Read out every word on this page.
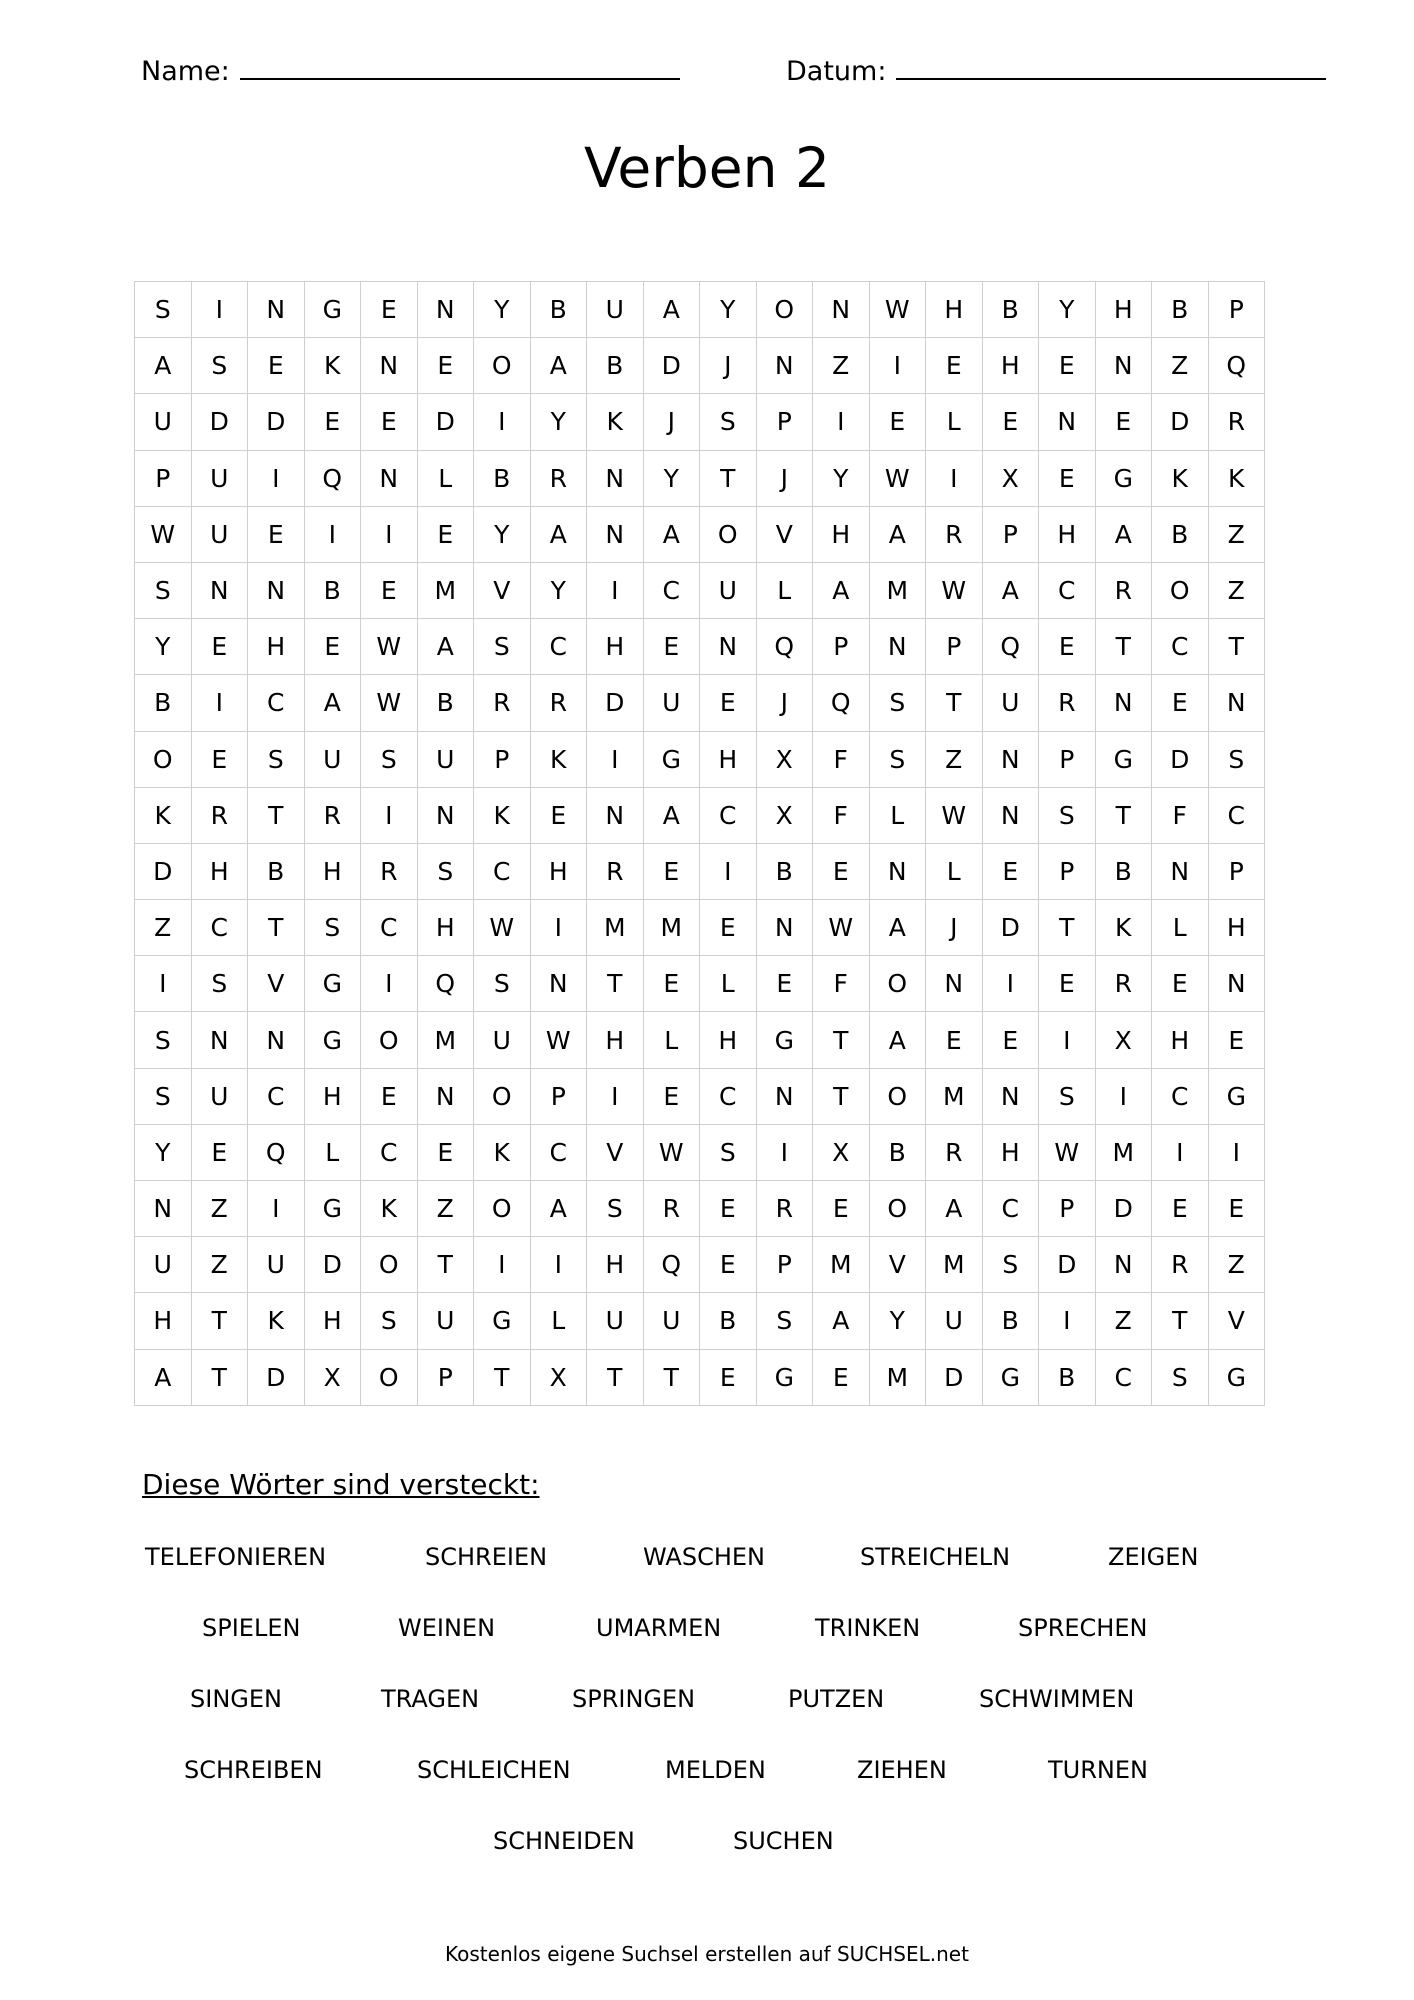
Name:	Datum:
Verben 2
S	I	N	G	E	N	Y	B	U	A	Y	O	N	W	H	B	Y	H	B	P
A	S	E	K	N	E	O	A	B	D	J	N	Z	I	E	H	E	N	Z	Q
U	D	D	E	E	D	I	Y	K	J	S	P	I	E	L	E	N	E	D	R
P	U	I	Q	N	L	B	R	N	Y	T	J	Y	W	I	X	E	G	K	K
W	U	E	I	I	E	Y	A	N	A	O	V	H	A	R	P	H	A	B	Z
S	N	N	B	E	M	V	Y	I	C	U	L	A	M	W	A	C	R	O	Z
Y	E	H	E	W	A	S	C	H	E	N	Q	P	N	P	Q	E	T	C	T
B	I	C	A	W	B	R	R	D	U	E	J	Q	S	T	U	R	N	E	N
O	E	S	U	S	U	P	K	I	G	H	X	F	S	Z	N	P	G	D	S
K	R	T	R	I	N	K	E	N	A	C	X	F	L	W	N	S	T	F	C
D	H	B	H	R	S	C	H	R	E	I	B	E	N	L	E	P	B	N	P
Z	C	T	S	C	H	W	I	M	M	E	N	W	A	J	D	T	K	L	H
I	S	V	G	I	Q	S	N	T	E	L	E	F	O	N	I	E	R	E	N
S	N	N	G	O	M	U	W	H	L	H	G	T	A	E	E	I	X	H	E
S	U	C	H	E	N	O	P	I	E	C	N	T	O	M	N	S	I	C	G
Y	E	Q	L	C	E	K	C	V	W	S	I	X	B	R	H	W	M	I	I
N	Z	I	G	K	Z	O	A	S	R	E	R	E	O	A	C	P	D	E	E
U	Z	U	D	O	T	I	I	H	Q	E	P	M	V	M	S	D	N	R	Z
H	T	K	H	S	U	G	L	U	U	B	S	A	Y	U	B	I	Z	T	V
A	T	D	X	O	P	T	X	T	T	E	G	E	M	D	G	B	C	S	G
Diese Wörter sind versteckt:
TELEFONIEREN	SCHREIEN	WASCHEN	STREICHELN	ZEIGEN
SPIELEN	WEINEN	UMARMEN	TRINKEN	SPRECHEN
SINGEN	TRAGEN	SPRINGEN	PUTZEN	SCHWIMMEN
SCHREIBEN	SCHLEICHEN	MELDEN	ZIEHEN	TURNEN
SCHNEIDEN	SUCHEN
Kostenlos eigene Suchsel erstellen auf SUCHSEL.net
